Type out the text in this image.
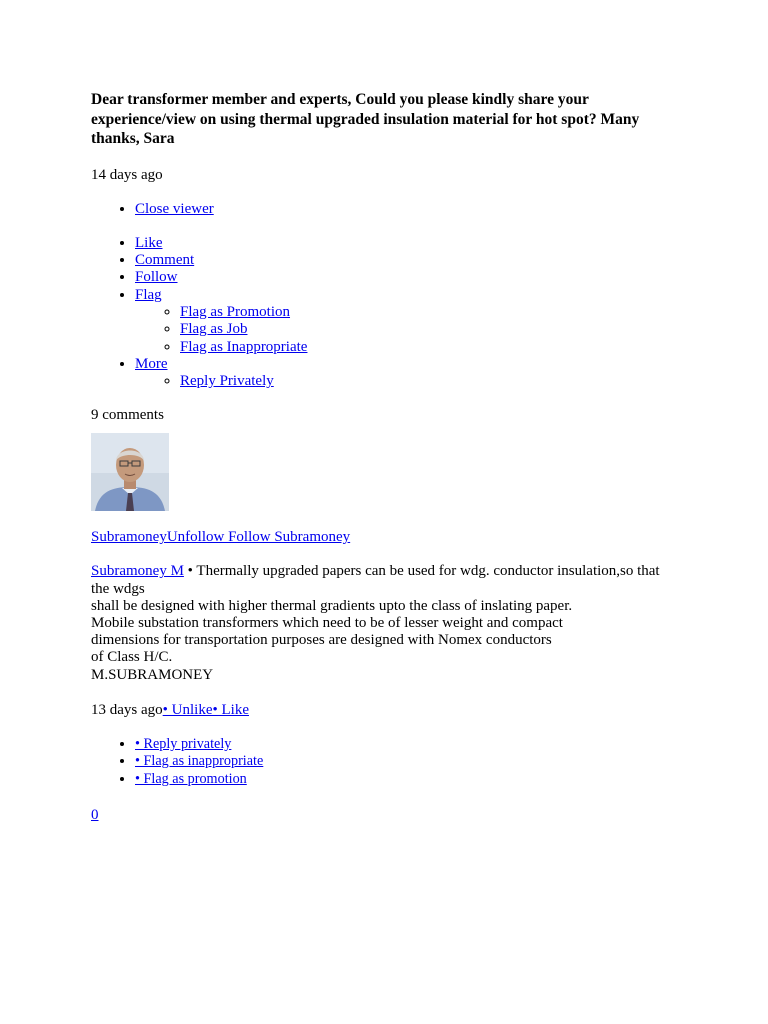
Dear transformer member and experts, Could you please kindly share your experience/view on using thermal upgraded insulation material for hot spot? Many thanks, Sara

14 days ago
• Close viewer
• Like
• Comment
• Follow
• Flag
◦ Flag as Promotion
◦ Flag as Job
◦ Flag as Inappropriate
• More
◦ Reply Privately
9 comments
SubramoneyUnfollow Follow Subramoney
Subramoney M • Thermally upgraded papers can be used for wdg. conductor insulation,so that the wdgs
shall be designed with higher thermal gradients upto the class of inslating paper.
Mobile substation transformers which need to be of lesser weight and compact
dimensions for transportation purposes are designed with Nomex conductors
of Class H/C.
M.SUBRAMONEY
13 days ago• Unlike• Like
• • Reply privately
• • Flag as inappropriate
• • Flag as promotion
0
